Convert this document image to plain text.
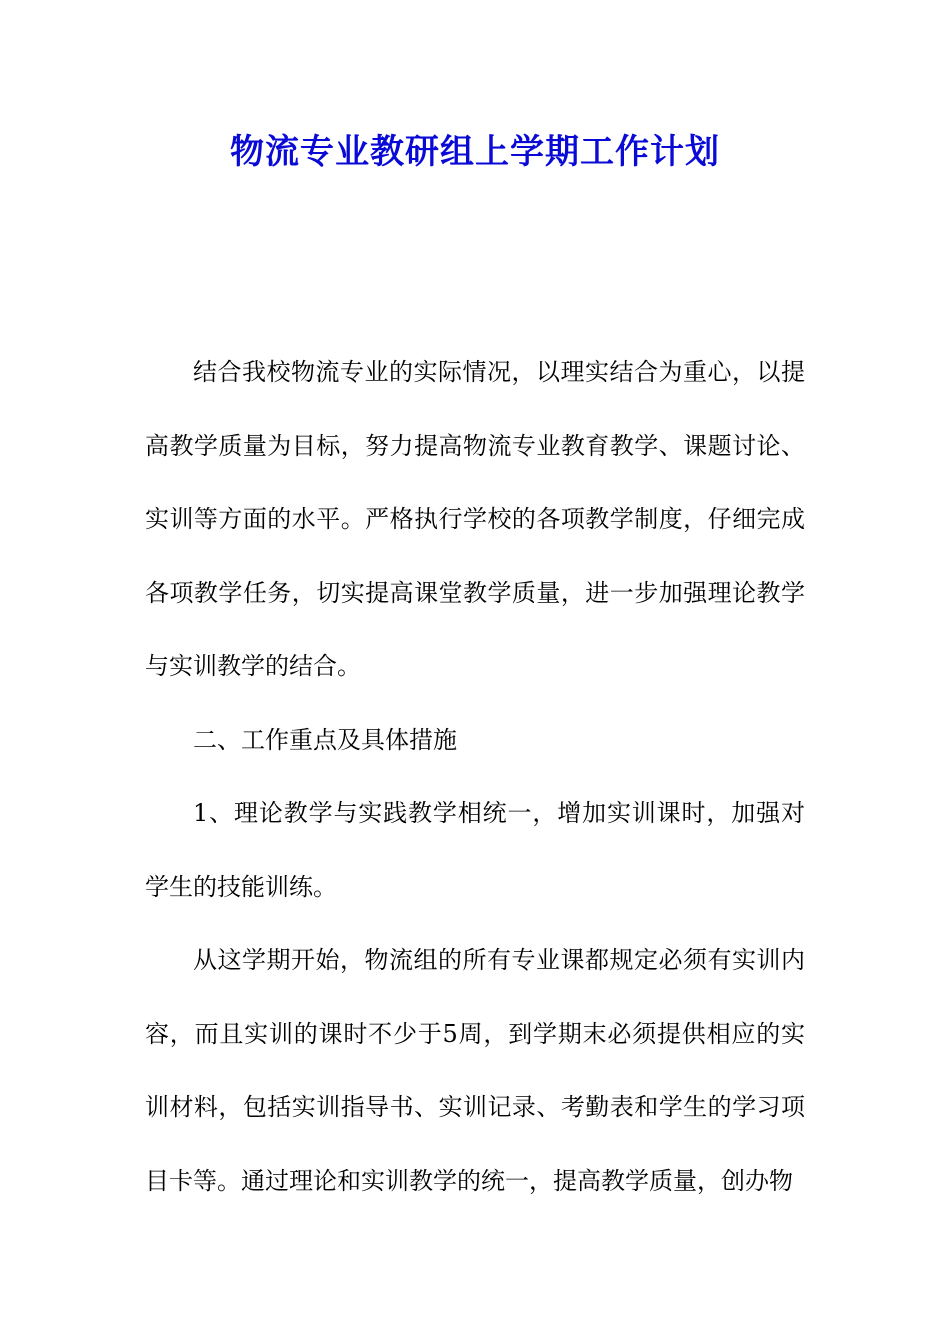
物流专业教研组上学期工作计划

结合我校物流专业的实际情况，以理实结合为重心，以提高教学质量为目标，努力提高物流专业教育教学、课题讨论、实训等方面的水平。严格执行学校的各项教学制度，仔细完成各项教学任务，切实提高课堂教学质量，进一步加强理论教学与实训教学的结合。

二、工作重点及具体措施

1、理论教学与实践教学相统一，增加实训课时，加强对学生的技能训练。

从这学期开始，物流组的所有专业课都规定必须有实训内容，而且实训的课时不少于5周，到学期末必须提供相应的实训材料，包括实训指导书、实训记录、考勤表和学生的学习项目卡等。通过理论和实训教学的统一，提高教学质量，创办物
